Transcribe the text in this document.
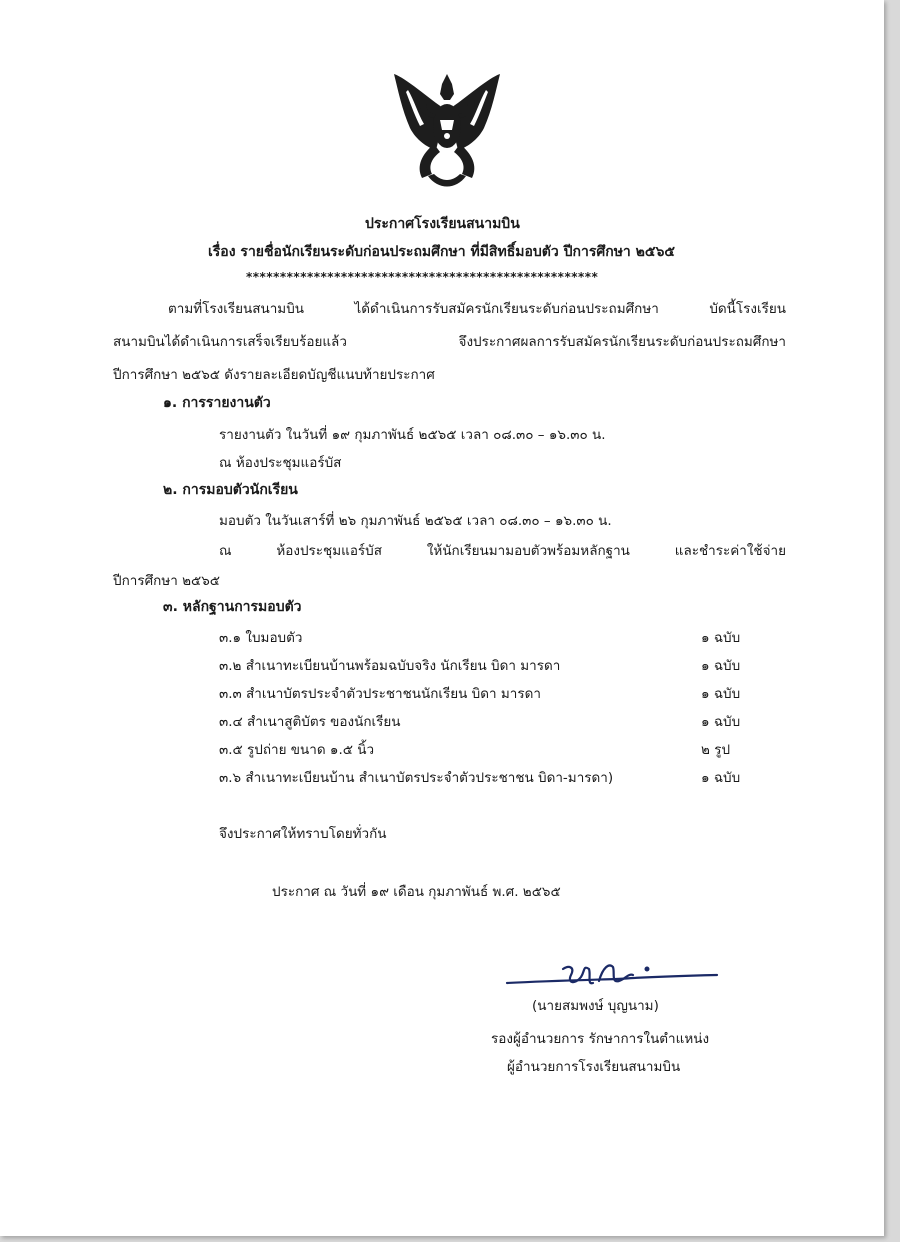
ประกาศโรงเรียนสนามบิน
เรื่อง รายชื่อนักเรียนระดับก่อนประถมศึกษา ที่มีสิทธิ์มอบตัว ปีการศึกษา ๒๕๖๕
****************************************************
ตามที่โรงเรียนสนามบิน ได้ดำเนินการรับสมัครนักเรียนระดับก่อนประถมศึกษา บัดนี้โรงเรียน
สนามบินได้ดำเนินการเสร็จเรียบร้อยแล้ว จึงประกาศผลการรับสมัครนักเรียนระดับก่อนประถมศึกษา
ปีการศึกษา ๒๕๖๕ ดังรายละเอียดบัญชีแนบท้ายประกาศ
๑. การรายงานตัว
รายงานตัว ในวันที่ ๑๙ กุมภาพันธ์ ๒๕๖๕ เวลา ๐๘.๓๐ – ๑๖.๓๐ น.
ณ ห้องประชุมแอร์บัส
๒. การมอบตัวนักเรียน
มอบตัว ในวันเสาร์ที่ ๒๖ กุมภาพันธ์ ๒๕๖๕ เวลา ๐๘.๓๐ – ๑๖.๓๐ น.
ณ ห้องประชุมแอร์บัส ให้นักเรียนมามอบตัวพร้อมหลักฐาน และชำระค่าใช้จ่าย
ปีการศึกษา ๒๕๖๕
๓. หลักฐานการมอบตัว
๓.๑ ใบมอบตัว	๑ ฉบับ
๓.๒ สำเนาทะเบียนบ้านพร้อมฉบับจริง นักเรียน บิดา มารดา	๑ ฉบับ
๓.๓ สำเนาบัตรประจำตัวประชาชนนักเรียน บิดา มารดา	๑ ฉบับ
๓.๔ สำเนาสูติบัตร ของนักเรียน	๑ ฉบับ
๓.๕ รูปถ่าย ขนาด ๑.๕ นิ้ว	๒ รูป
๓.๖ สำเนาทะเบียนบ้าน สำเนาบัตรประจำตัวประชาชน บิดา-มารดา)	๑ ฉบับ
จึงประกาศให้ทราบโดยทั่วกัน
ประกาศ ณ วันที่ ๑๙ เดือน กุมภาพันธ์ พ.ศ. ๒๕๖๕
(นายสมพงษ์ บุญนาม)
รองผู้อำนวยการ รักษาการในตำแหน่ง
ผู้อำนวยการโรงเรียนสนามบิน
